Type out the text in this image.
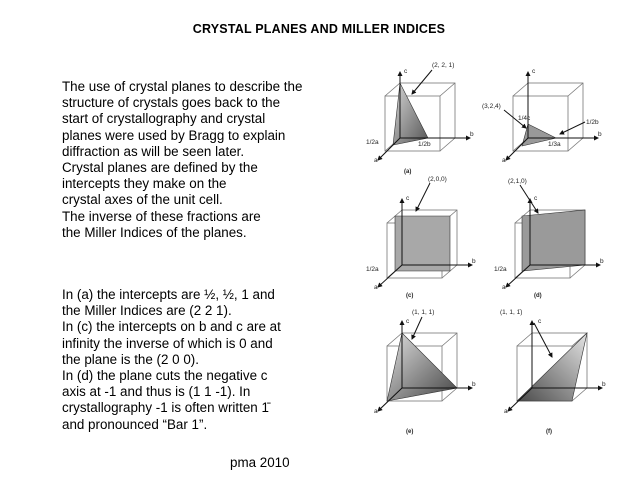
CRYSTAL PLANES AND MILLER INDICES
The use of crystal planes to describe the
structure of crystals goes back to the
start of crystallography and crystal
planes were used by Bragg to explain
diffraction as will be seen later.
Crystal planes are defined by the
intercepts they make on the
crystal axes of the unit cell.
The inverse of these fractions are
the Miller Indices of the planes.
In (a) the intercepts are ½, ½, 1 and
the Miller Indices are (2 2 1).
In (c) the intercepts on b and c are at
infinity the inverse of which is 0 and
the plane is the (2 0 0).
In (d) the plane cuts the negative c
axis at -1 and thus is (1 1 -1). In
crystallography -1 is often written 1̄
and pronounced “Bar 1”.
pma 2010
(2, 2, 1)
c
b
a
1/2a	1/2b
(a)
(3,2,4)
c
b
a
1/4c
1/2b
1/3a
(2,0,0)
c
b
a
1/2a
(c)
(2,1,0)
c
b
a
1/2a
(d)
(1, 1, 1)
c
b
a
(e)
(1, 1, 1̄)
c
b
a
(f)
